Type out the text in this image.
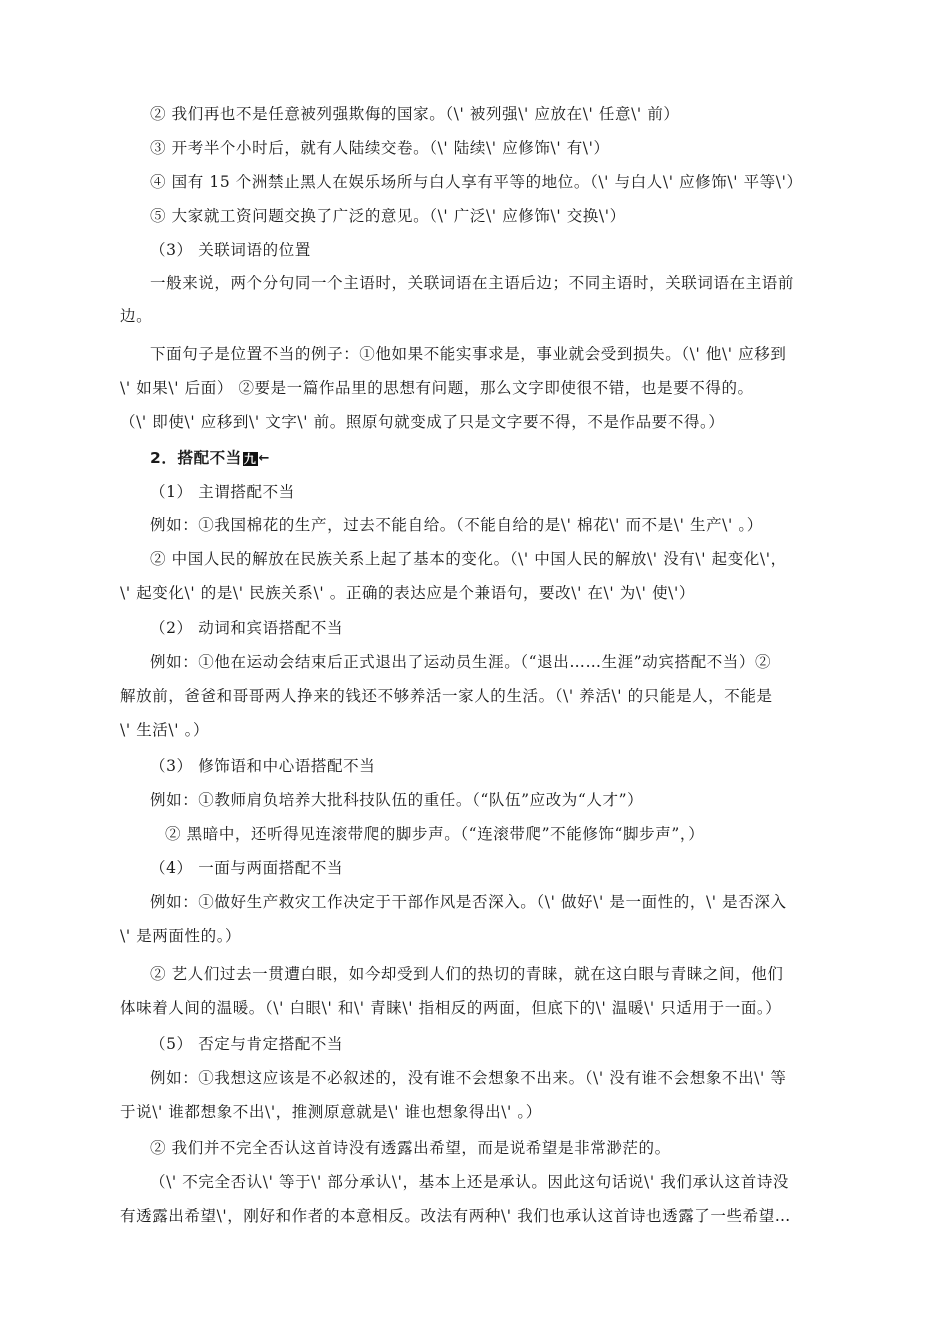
② 我们再也不是任意被列强欺侮的国家。（\' 被列强\' 应放在\' 任意\' 前）
③ 开考半个小时后，就有人陆续交卷。（\' 陆续\' 应修饰\' 有\'）
④ 国有 15 个洲禁止黑人在娱乐场所与白人享有平等的地位。（\' 与白人\' 应修饰\' 平等\'）
⑤ 大家就工资问题交换了广泛的意见。（\' 广泛\' 应修饰\' 交换\'）
（3） 关联词语的位置
一般来说，两个分句同一个主语时，关联词语在主语后边；不同主语时，关联词语在主语前
边。
下面句子是位置不当的例子：①他如果不能实事求是，事业就会受到损失。（\' 他\' 应移到
\' 如果\' 后面） ②要是一篇作品里的思想有问题，那么文字即使很不错，也是要不得的。
（\' 即使\' 应移到\' 文字\' 前。照原句就变成了只是文字要不得，不是作品要不得。）
2．搭配不当 九 ←
（1） 主谓搭配不当
例如：①我国棉花的生产，过去不能自给。（不能自给的是\' 棉花\' 而不是\' 生产\' 。）
② 中国人民的解放在民族关系上起了基本的变化。（\' 中国人民的解放\' 没有\' 起变化\'，
\' 起变化\' 的是\' 民族关系\' 。正确的表达应是个兼语句，要改\' 在\' 为\' 使\'）
（2） 动词和宾语搭配不当
例如：①他在运动会结束后正式退出了运动员生涯。（“退出……生涯”动宾搭配不当）②
解放前，爸爸和哥哥两人挣来的钱还不够养活一家人的生活。（\' 养活\' 的只能是人，不能是
\' 生活\' 。）
（3） 修饰语和中心语搭配不当
例如：①教师肩负培养大批科技队伍的重任。（“队伍”应改为“人才”）
② 黑暗中，还听得见连滚带爬的脚步声。（“连滚带爬”不能修饰“脚步声”，）
（4） 一面与两面搭配不当
例如：①做好生产救灾工作决定于干部作风是否深入。（\' 做好\' 是一面性的，\' 是否深入
\' 是两面性的。）
② 艺人们过去一贯遭白眼，如今却受到人们的热切的青睐，就在这白眼与青睐之间，他们
体味着人间的温暖。（\' 白眼\' 和\' 青睐\' 指相反的两面，但底下的\' 温暖\' 只适用于一面。）
（5） 否定与肯定搭配不当
例如：①我想这应该是不必叙述的，没有谁不会想象不出来。（\' 没有谁不会想象不出\' 等
于说\' 谁都想象不出\'，推测原意就是\' 谁也想象得出\' 。）
② 我们并不完全否认这首诗没有透露出希望，而是说希望是非常渺茫的。
（\' 不完全否认\' 等于\' 部分承认\'，基本上还是承认。因此这句话说\' 我们承认这首诗没
有透露出希望\'，刚好和作者的本意相反。改法有两种\' 我们也承认这首诗也透露了一些希望…
